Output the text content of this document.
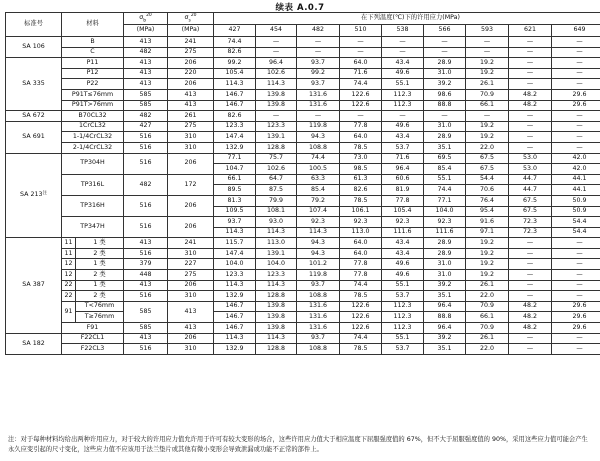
续表 A.0.7
标准号	材料		$\sigma_b^{20}$	$\sigma_s^{20}$	在下列温度(℃)下的许用应力(MPa)								
			(MPa)	(MPa)	427	454	482	510	538	566	593	621	649
SA 106	B		413	241	74.4	—	—	—	—	—	—	—	—
	C		482	275	82.6	—	—	—	—	—	—	—	—
SA 335	P11		413	206	99.2	96.4	93.7	64.0	43.4	28.9	19.2	—	—
	P12		413	220	105.4	102.6	99.2	71.6	49.6	31.0	19.2	—	—
	P22		413	206	114.3	114.3	93.7	74.4	55.1	39.2	26.1	—	—
	P91T≤76mm		585	413	146.7	139.8	131.6	122.6	112.3	98.6	70.9	48.2	29.6
	P91T>76mm		585	413	146.7	139.8	131.6	122.6	112.3	88.8	66.1	48.2	29.6
SA 672	B70CL32		482	261	82.6	—	—	—	—	—	—	—	—
SA 691	1CrCL32		427	275	123.3	123.3	119.8	77.8	49.6	31.0	19.2	—	—
	1-1/4CrCL32		516	310	147.4	139.1	94.3	64.0	43.4	28.9	19.2	—	—
	2-1/4CrCL32		516	310	132.9	128.8	108.8	78.5	53.7	35.1	22.0	—	—
SA $213^注$	TP304H		516	206	77.1	75.7	74.4	73.0	71.6	69.5	67.5	53.0	42.0
					104.7	102.6	100.5	98.5	96.4	85.4	67.5	53.0	42.0
	TP316L		482	172	66.1	64.7	63.3	61.3	60.6	55.1	54.4	44.7	44.1
					89.5	87.5	85.4	82.6	81.9	74.4	70.6	44.7	44.1
	TP316H		516	206	81.3	79.9	79.2	78.5	77.8	77.1	76.4	67.5	50.9
					109.5	108.1	107.4	106.1	105.4	104.0	95.4	67.5	50.9
	TP347H		516	206	93.7	93.0	92.3	92.3	92.3	92.3	91.6	72.3	54.4
					114.3	114.3	114.3	113.0	111.6	111.6	97.1	72.3	54.4
SA 387	11	1 类	413	241	115.7	113.0	94.3	64.0	43.4	28.9	19.2	—	—
	11	2 类	516	310	147.4	139.1	94.3	64.0	43.4	28.9	19.2	—	—
	12	1 类	379	227	104.0	104.0	101.2	77.8	49.6	31.0	19.2	—	—
	12	2 类	448	275	123.3	123.3	119.8	77.8	49.6	31.0	19.2	—	—
	22	1 类	413	206	114.3	114.3	93.7	74.4	55.1	39.2	26.1	—	—
	22	2 类	516	310	132.9	128.8	108.8	78.5	53.7	35.1	22.0	—	—
	91	T<76mm	585	413	146.7	139.8	131.6	122.6	112.3	96.4	70.9	48.2	29.6
		T≥76mm			146.7	139.8	131.6	122.6	112.3	88.8	66.1	48.2	29.6
	F91		585	413	146.7	139.8	131.6	122.6	112.3	96.4	70.9	48.2	29.6
SA 182	F22CL1		413	206	114.3	114.3	93.7	74.4	55.1	39.2	26.1	—	—
	F22CL3		516	310	132.9	128.8	108.8	78.5	53.7	35.1	22.0	—	—
注：对于每种材料均给出两种许用应力，对于较大的许用应力值允许用于许可有较大变形的场合，这些许用应力值大于相应温度下屈服强度值的 67%，但不大于屈服强度值的 90%，采用这些应力值可能会产生永久应变引起的尺寸变化，这些应力值不应该用于法兰垫片或其他有微小变形会导致泄漏或功能不正常的部件上。
